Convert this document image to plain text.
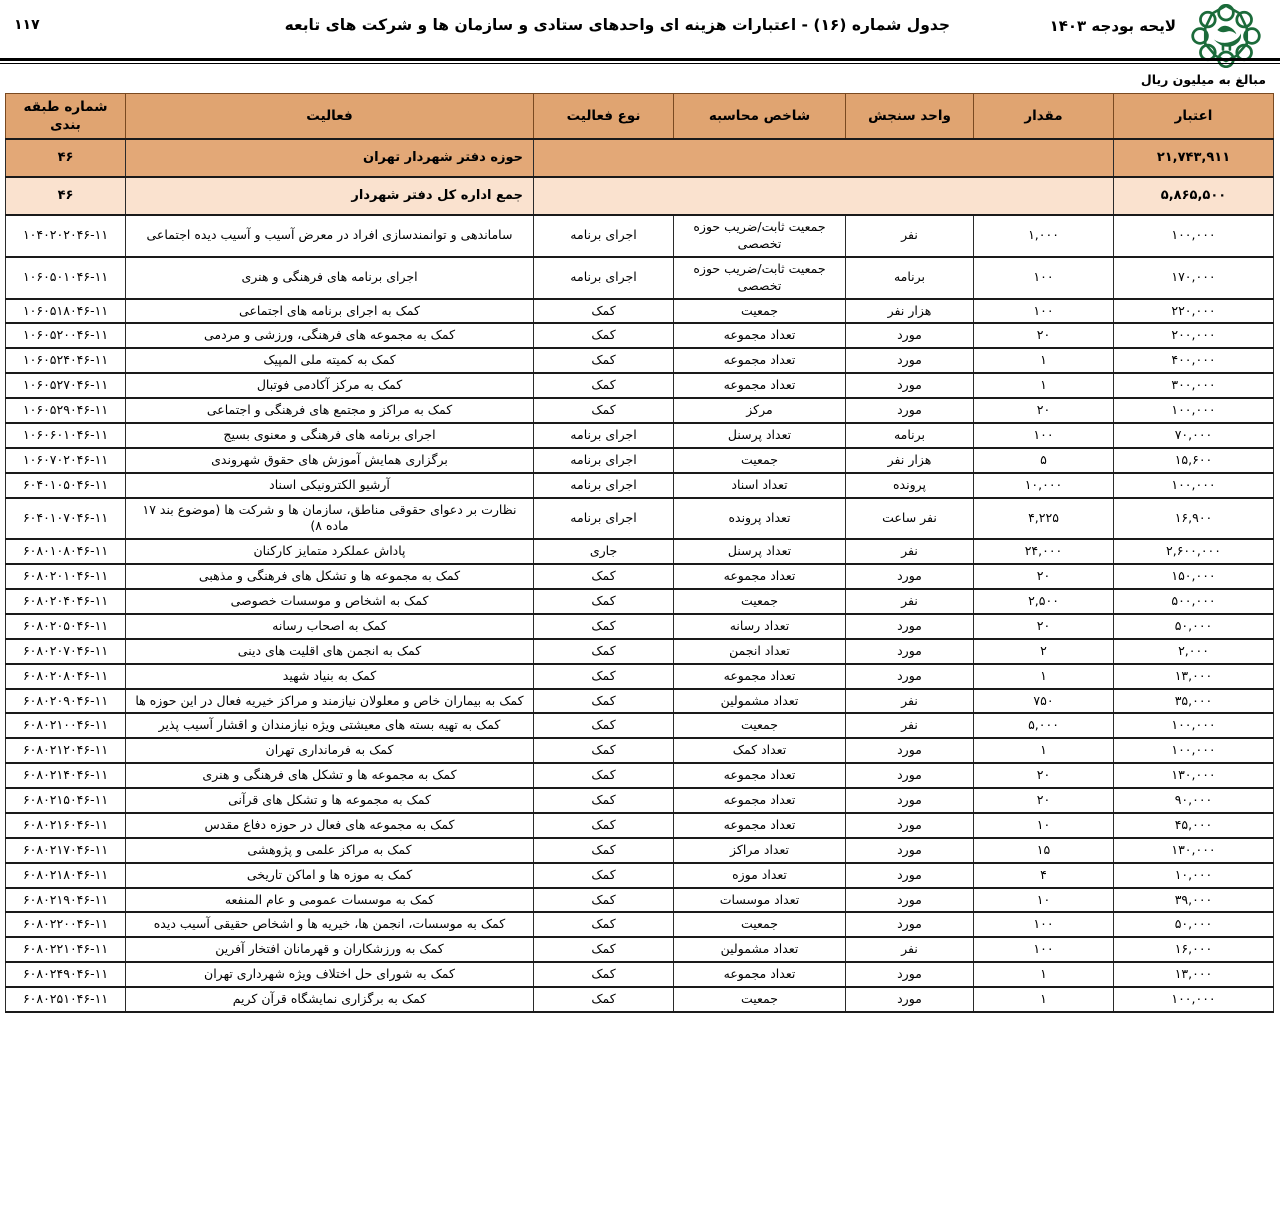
لایحه بودجه ۱۴۰۳
جدول شماره (۱۶) - اعتبارات هزینه ای واحدهای ستادی و سازمان ها و شرکت های تابعه
۱۱۷
مبالغ به میلیون ریال
اعتبار	مقدار	واحد سنجش	شاخص محاسبه	نوع فعالیت	فعالیت	شماره طبقه بندی
۲۱,۷۴۳,۹۱۱					حوزه دفتر شهردار تهران	۴۶
۵,۸۶۵,۵۰۰					جمع اداره کل دفتر شهردار	۴۶
۱۰۰,۰۰۰	۱,۰۰۰	نفر	جمعیت ثابت/ضریب حوزه تخصصی	اجرای برنامه	ساماندهی و توانمندسازی افراد در معرض آسیب و آسیب دیده اجتماعی	۱۰۴۰۲۰۲۰۴۶-۱۱
۱۷۰,۰۰۰	۱۰۰	برنامه	جمعیت ثابت/ضریب حوزه تخصصی	اجرای برنامه	اجرای برنامه های فرهنگی و هنری	۱۰۶۰۵۰۱۰۴۶-۱۱
۲۲۰,۰۰۰	۱۰۰	هزار نفر	جمعیت	کمک	کمک به اجرای برنامه های اجتماعی	۱۰۶۰۵۱۸۰۴۶-۱۱
۲۰۰,۰۰۰	۲۰	مورد	تعداد مجموعه	کمک	کمک به مجموعه های فرهنگی، ورزشی و مردمی	۱۰۶۰۵۲۰۰۴۶-۱۱
۴۰۰,۰۰۰	۱	مورد	تعداد مجموعه	کمک	کمک به کمیته ملی المپیک	۱۰۶۰۵۲۴۰۴۶-۱۱
۳۰۰,۰۰۰	۱	مورد	تعداد مجموعه	کمک	کمک به مرکز آکادمی فوتبال	۱۰۶۰۵۲۷۰۴۶-۱۱
۱۰۰,۰۰۰	۲۰	مورد	مرکز	کمک	کمک به مراکز و مجتمع های فرهنگی و اجتماعی	۱۰۶۰۵۲۹۰۴۶-۱۱
۷۰,۰۰۰	۱۰۰	برنامه	تعداد پرسنل	اجرای برنامه	اجرای برنامه های فرهنگی و معنوی بسیج	۱۰۶۰۶۰۱۰۴۶-۱۱
۱۵,۶۰۰	۵	هزار نفر	جمعیت	اجرای برنامه	برگزاری همایش آموزش های حقوق شهروندی	۱۰۶۰۷۰۲۰۴۶-۱۱
۱۰۰,۰۰۰	۱۰,۰۰۰	پرونده	تعداد اسناد	اجرای برنامه	آرشیو الکترونیکی اسناد	۶۰۴۰۱۰۵۰۴۶-۱۱
۱۶,۹۰۰	۴,۲۲۵	نفر ساعت	تعداد پرونده	اجرای برنامه	نظارت بر دعوای حقوقی مناطق، سازمان ها و شرکت ها (موضوع بند ۱۷ ماده ۸)	۶۰۴۰۱۰۷۰۴۶-۱۱
۲,۶۰۰,۰۰۰	۲۴,۰۰۰	نفر	تعداد پرسنل	جاری	پاداش عملکرد متمایز کارکنان	۶۰۸۰۱۰۸۰۴۶-۱۱
۱۵۰,۰۰۰	۲۰	مورد	تعداد مجموعه	کمک	کمک به مجموعه ها و تشکل های فرهنگی و مذهبی	۶۰۸۰۲۰۱۰۴۶-۱۱
۵۰۰,۰۰۰	۲,۵۰۰	نفر	جمعیت	کمک	کمک به اشخاص و موسسات خصوصی	۶۰۸۰۲۰۴۰۴۶-۱۱
۵۰,۰۰۰	۲۰	مورد	تعداد رسانه	کمک	کمک به اصحاب رسانه	۶۰۸۰۲۰۵۰۴۶-۱۱
۲,۰۰۰	۲	مورد	تعداد انجمن	کمک	کمک به انجمن های اقلیت های دینی	۶۰۸۰۲۰۷۰۴۶-۱۱
۱۳,۰۰۰	۱	مورد	تعداد مجموعه	کمک	کمک به بنیاد شهید	۶۰۸۰۲۰۸۰۴۶-۱۱
۳۵,۰۰۰	۷۵۰	نفر	تعداد مشمولین	کمک	کمک به بیماران خاص و معلولان نیازمند و مراکز خیریه فعال در این حوزه ها	۶۰۸۰۲۰۹۰۴۶-۱۱
۱۰۰,۰۰۰	۵,۰۰۰	نفر	جمعیت	کمک	کمک به تهیه بسته های معیشتی ویژه نیازمندان و اقشار آسیب پذیر	۶۰۸۰۲۱۰۰۴۶-۱۱
۱۰۰,۰۰۰	۱	مورد	تعداد کمک	کمک	کمک به فرمانداری تهران	۶۰۸۰۲۱۲۰۴۶-۱۱
۱۳۰,۰۰۰	۲۰	مورد	تعداد مجموعه	کمک	کمک به مجموعه ها و تشکل های فرهنگی و هنری	۶۰۸۰۲۱۴۰۴۶-۱۱
۹۰,۰۰۰	۲۰	مورد	تعداد مجموعه	کمک	کمک به مجموعه ها و تشکل های قرآنی	۶۰۸۰۲۱۵۰۴۶-۱۱
۴۵,۰۰۰	۱۰	مورد	تعداد مجموعه	کمک	کمک به مجموعه های فعال در حوزه دفاع مقدس	۶۰۸۰۲۱۶۰۴۶-۱۱
۱۳۰,۰۰۰	۱۵	مورد	تعداد مراکز	کمک	کمک به مراکز علمی و پژوهشی	۶۰۸۰۲۱۷۰۴۶-۱۱
۱۰,۰۰۰	۴	مورد	تعداد موزه	کمک	کمک به موزه ها و اماکن تاریخی	۶۰۸۰۲۱۸۰۴۶-۱۱
۳۹,۰۰۰	۱۰	مورد	تعداد موسسات	کمک	کمک به موسسات عمومی و عام المنفعه	۶۰۸۰۲۱۹۰۴۶-۱۱
۵۰,۰۰۰	۱۰۰	مورد	جمعیت	کمک	کمک به موسسات، انجمن ها، خیریه ها و اشخاص حقیقی آسیب دیده	۶۰۸۰۲۲۰۰۴۶-۱۱
۱۶,۰۰۰	۱۰۰	نفر	تعداد مشمولین	کمک	کمک به ورزشکاران و قهرمانان افتخار آفرین	۶۰۸۰۲۲۱۰۴۶-۱۱
۱۳,۰۰۰	۱	مورد	تعداد مجموعه	کمک	کمک به شورای حل اختلاف ویژه شهرداری تهران	۶۰۸۰۲۴۹۰۴۶-۱۱
۱۰۰,۰۰۰	۱	مورد	جمعیت	کمک	کمک به برگزاری نمایشگاه قرآن کریم	۶۰۸۰۲۵۱۰۴۶-۱۱
